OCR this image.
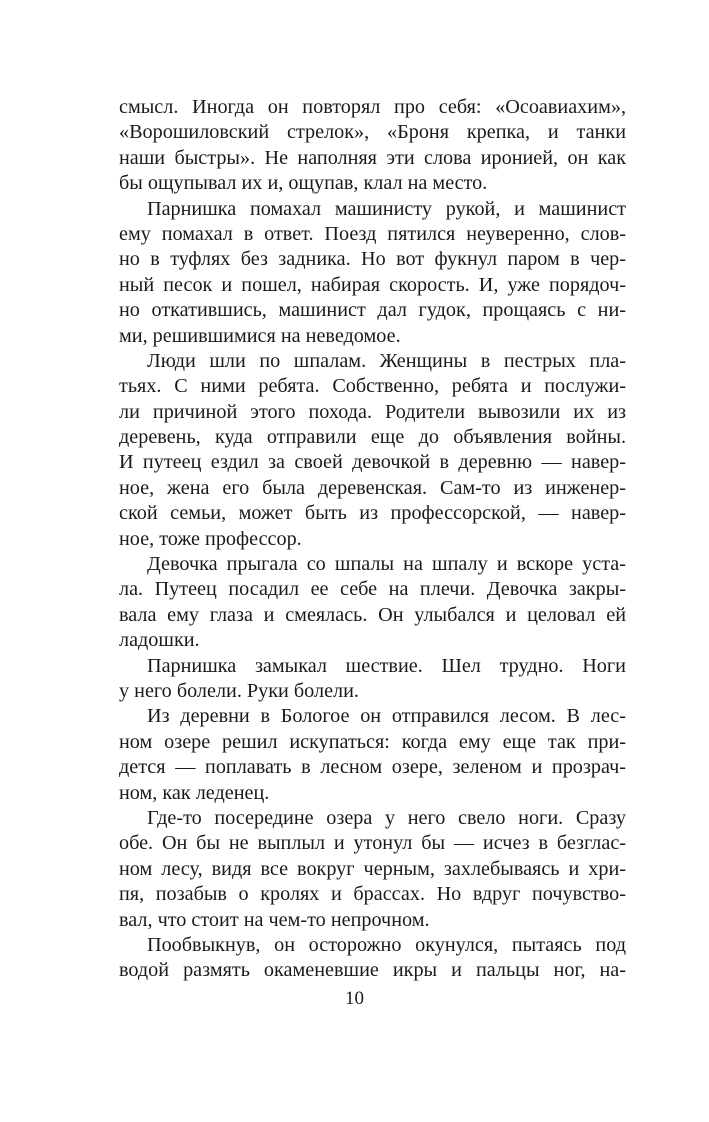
смысл. Иногда он повторял про себя: «Осоавиахим»,
«Ворошиловский стрелок», «Броня крепка, и танки
наши быстры». Не наполняя эти слова иронией, он как
бы ощупывал их и, ощупав, клал на место.
Парнишка помахал машинисту рукой, и машинист
ему помахал в ответ. Поезд пятился неуверенно, слов-
но в туфлях без задника. Но вот фукнул паром в чер-
ный песок и пошел, набирая скорость. И, уже порядоч-
но откатившись, машинист дал гудок, прощаясь с ни-
ми, решившимися на неведомое.
Люди шли по шпалам. Женщины в пестрых пла-
тьях. С ними ребята. Собственно, ребята и послужи-
ли причиной этого похода. Родители вывозили их из
деревень, куда отправили еще до объявления войны.
И путеец ездил за своей девочкой в деревню — навер-
ное, жена его была деревенская. Сам-то из инженер-
ской семьи, может быть из профессорской, — навер-
ное, тоже профессор.
Девочка прыгала со шпалы на шпалу и вскоре уста-
ла. Путеец посадил ее себе на плечи. Девочка закры-
вала ему глаза и смеялась. Он улыбался и целовал ей
ладошки.
Парнишка замыкал шествие. Шел трудно. Ноги
у него болели. Руки болели.
Из деревни в Бологое он отправился лесом. В лес-
ном озере решил искупаться: когда ему еще так при-
дется — поплавать в лесном озере, зеленом и прозрач-
ном, как леденец.
Где-то посередине озера у него свело ноги. Сразу
обе. Он бы не выплыл и утонул бы — исчез в безглас-
ном лесу, видя все вокруг черным, захлебываясь и хри-
пя, позабыв о кролях и брассах. Но вдруг почувство-
вал, что стоит на чем-то непрочном.
Пообвыкнув, он осторожно окунулся, пытаясь под
водой размять окаменевшие икры и пальцы ног, на-
10
